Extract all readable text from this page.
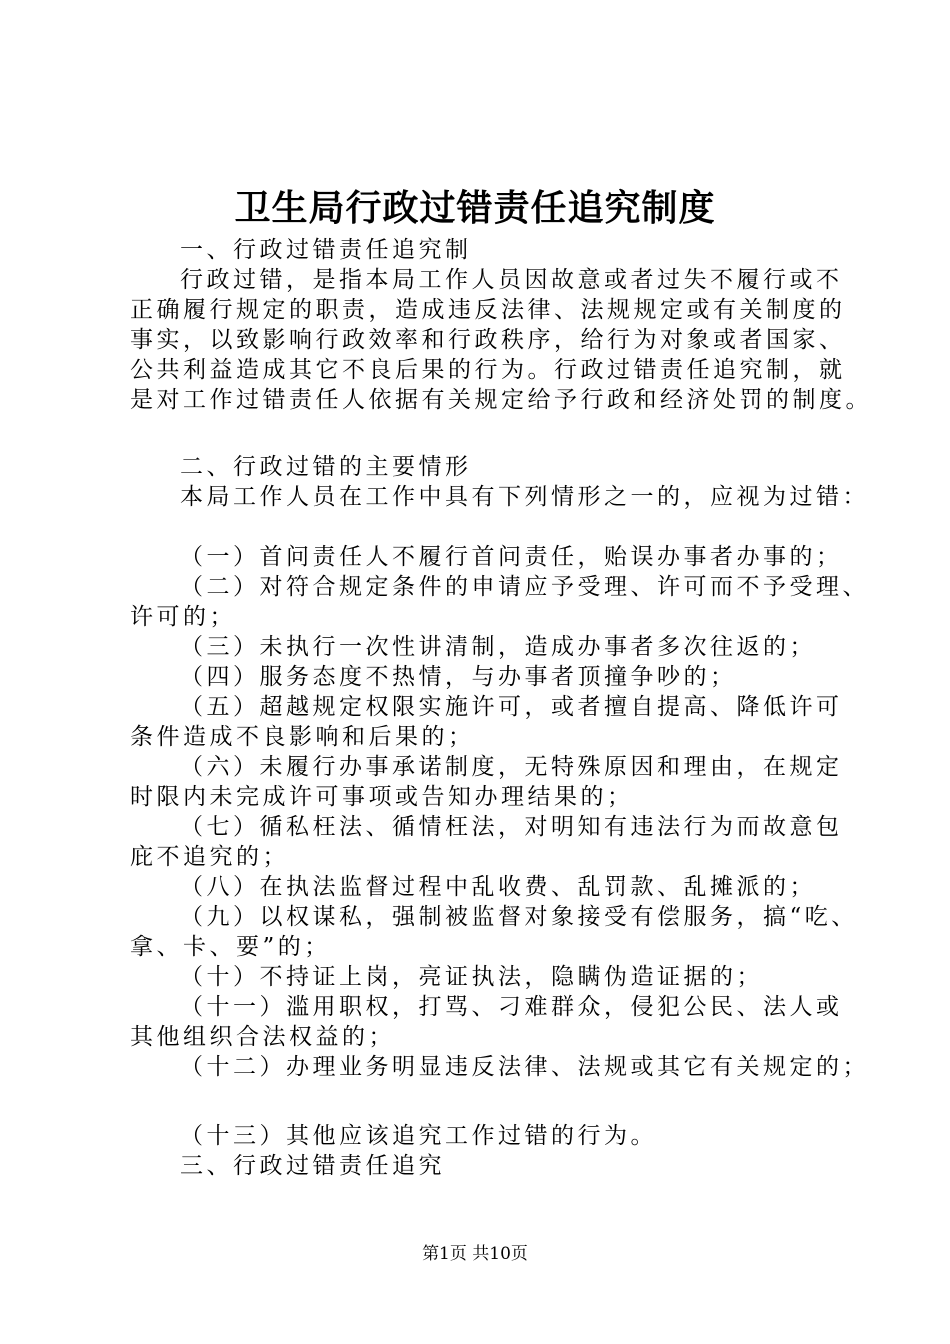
卫生局行政过错责任追究制度
一、行政过错责任追究制
行政过错，是指本局工作人员因故意或者过失不履行或不
正确履行规定的职责，造成违反法律、法规规定或有关制度的
事实，以致影响行政效率和行政秩序，给行为对象或者国家、
公共利益造成其它不良后果的行为。行政过错责任追究制，就
是对工作过错责任人依据有关规定给予行政和经济处罚的制度。
二、行政过错的主要情形
本局工作人员在工作中具有下列情形之一的，应视为过错：
（一）首问责任人不履行首问责任，贻误办事者办事的；
（二）对符合规定条件的申请应予受理、许可而不予受理、
许可的；
（三）未执行一次性讲清制，造成办事者多次往返的；
（四）服务态度不热情，与办事者顶撞争吵的；
（五）超越规定权限实施许可，或者擅自提高、降低许可
条件造成不良影响和后果的；
（六）未履行办事承诺制度，无特殊原因和理由，在规定
时限内未完成许可事项或告知办理结果的；
（七）循私枉法、循情枉法，对明知有违法行为而故意包
庇不追究的；
（八）在执法监督过程中乱收费、乱罚款、乱摊派的；
（九）以权谋私，强制被监督对象接受有偿服务，搞“吃、
拿、卡、要”的；
（十）不持证上岗，亮证执法，隐瞒伪造证据的；
（十一）滥用职权，打骂、刁难群众，侵犯公民、法人或
其他组织合法权益的；
（十二）办理业务明显违反法律、法规或其它有关规定的；
（十三）其他应该追究工作过错的行为。
三、行政过错责任追究
第1页 共10页
